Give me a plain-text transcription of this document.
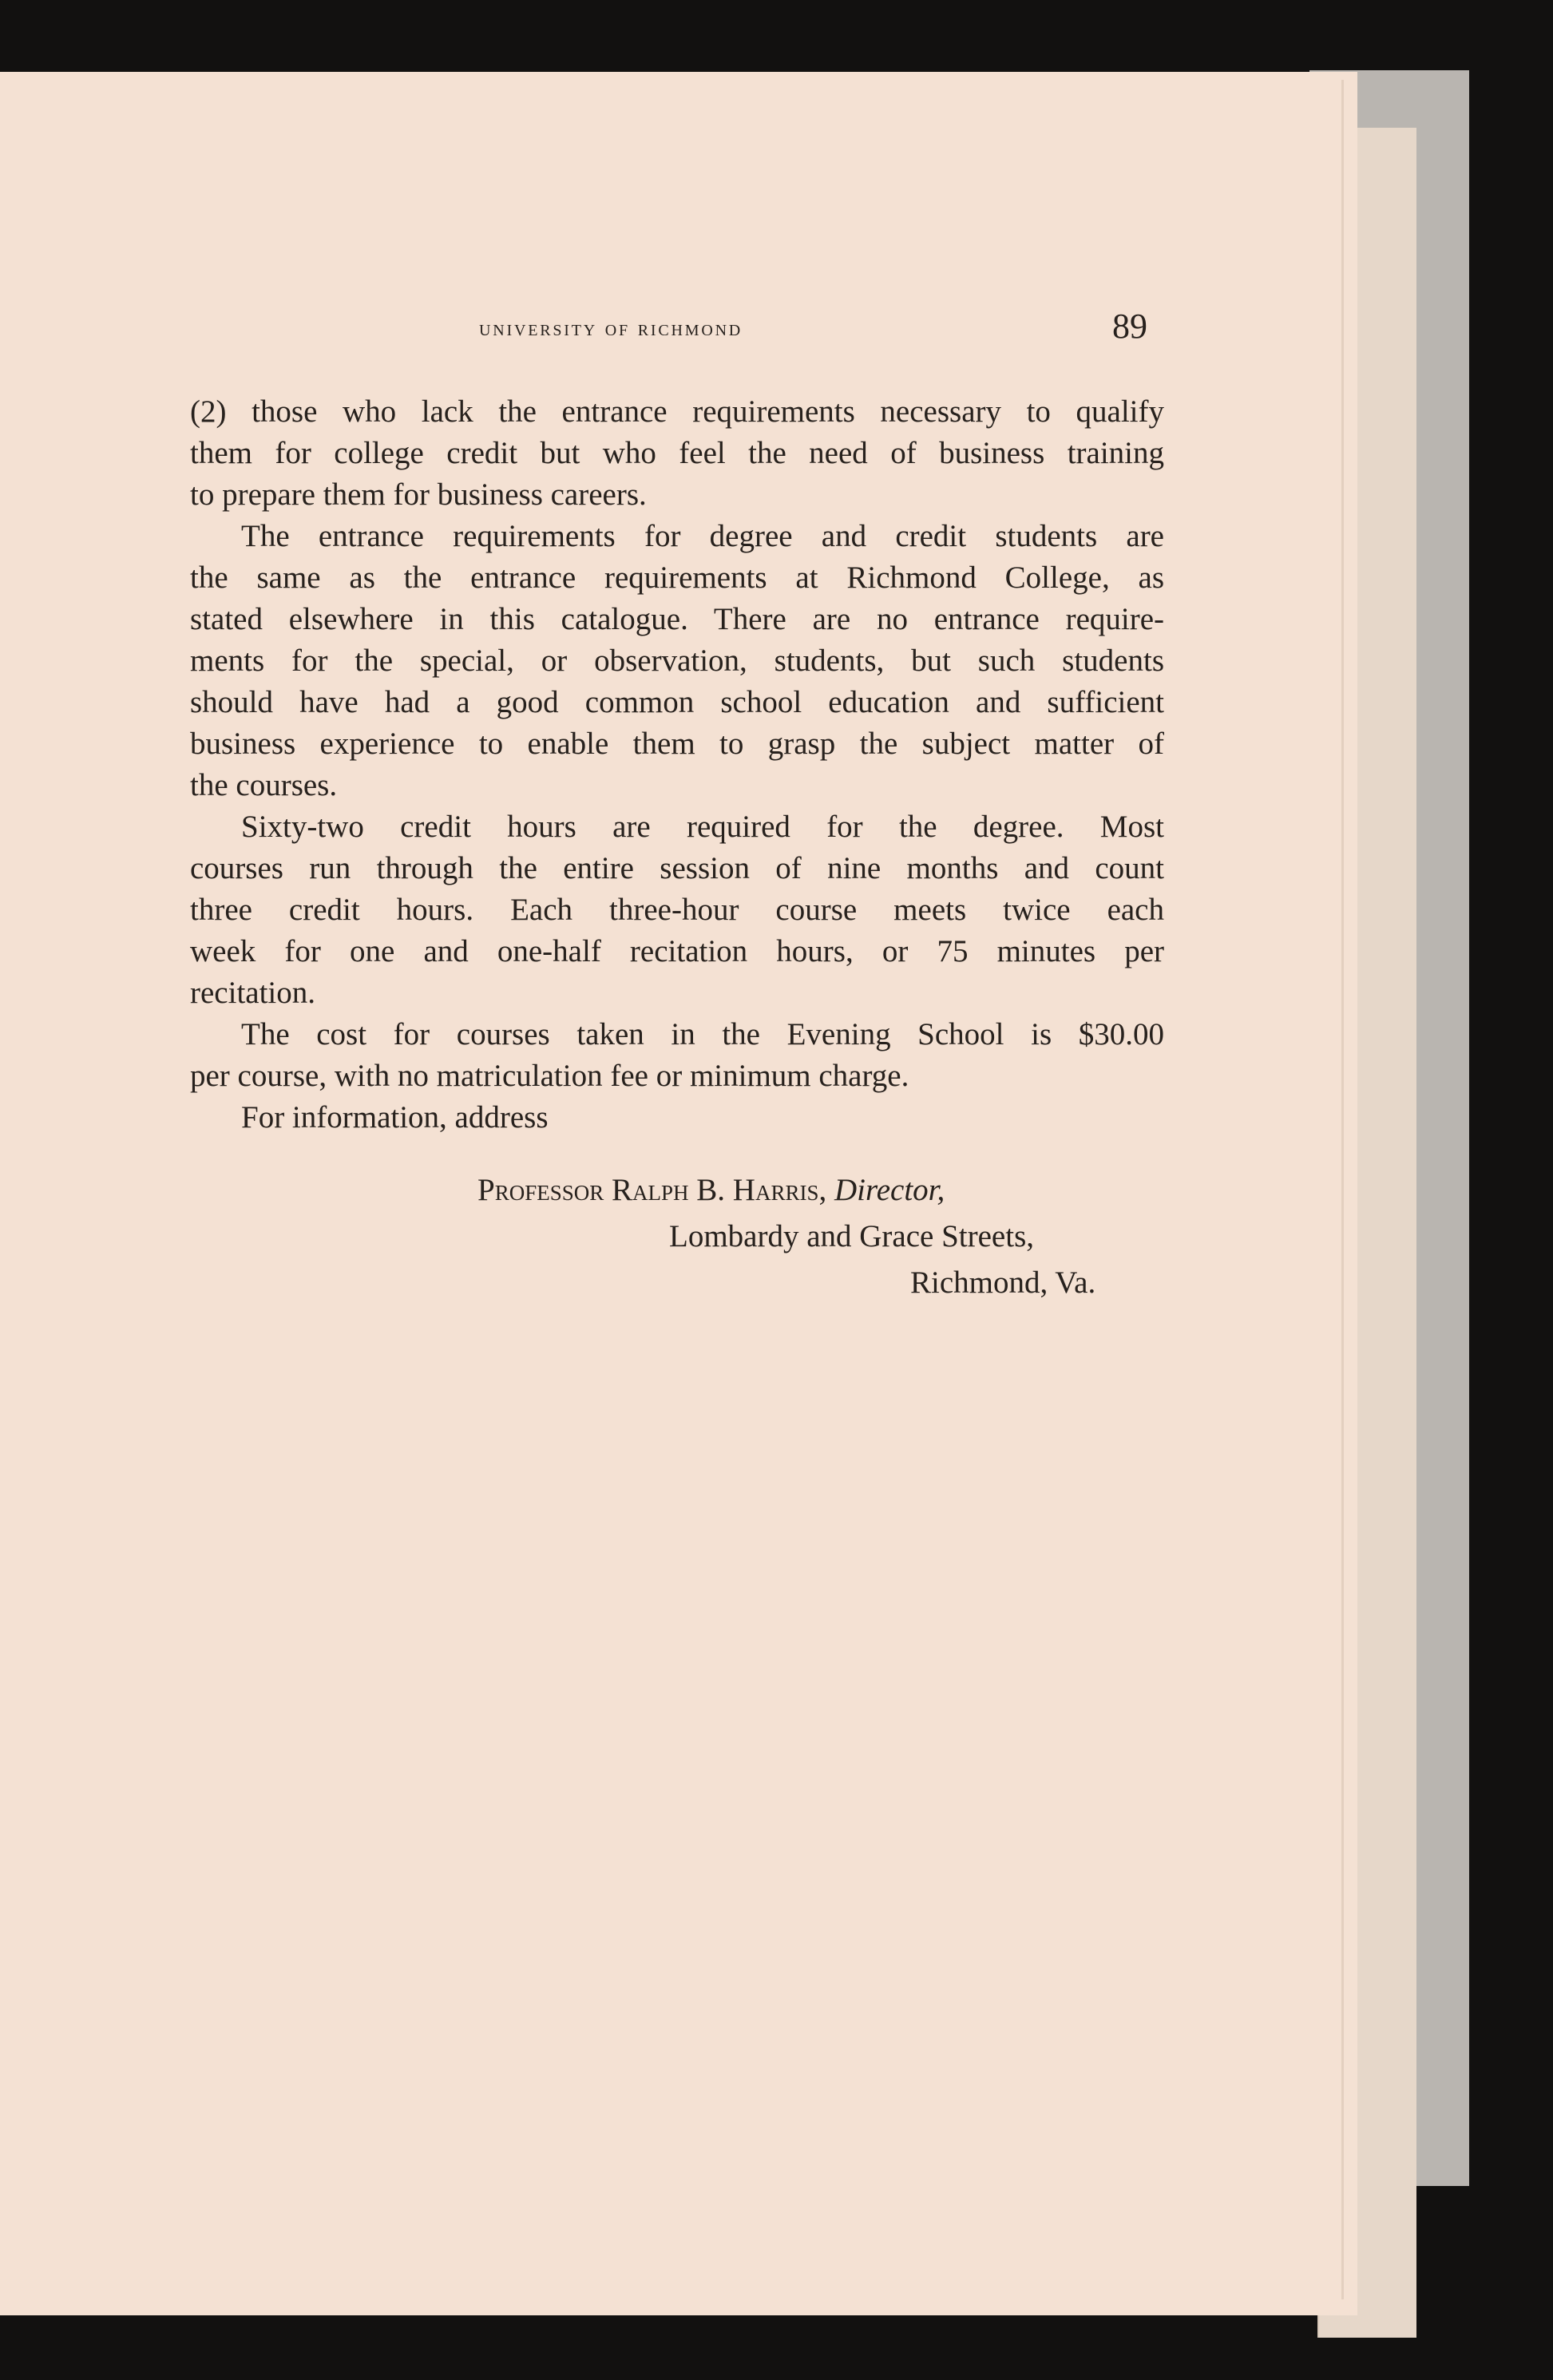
university of richmond	89

(2) those who lack the entrance requirements necessary to qualify
them for college credit but who feel the need of business training
to prepare them for business careers.

The entrance requirements for degree and credit students are
the same as the entrance requirements at Richmond College, as
stated elsewhere in this catalogue. There are no entrance require-
ments for the special, or observation, students, but such students
should have had a good common school education and sufficient
business experience to enable them to grasp the subject matter of
the courses.

Sixty-two credit hours are required for the degree. Most
courses run through the entire session of nine months and count
three credit hours. Each three-hour course meets twice each
week for one and one-half recitation hours, or 75 minutes per
recitation.

The cost for courses taken in the Evening School is $30.00
per course, with no matriculation fee or minimum charge.

For information, address

Professor Ralph B. Harris, Director,
Lombardy and Grace Streets,
Richmond, Va.
